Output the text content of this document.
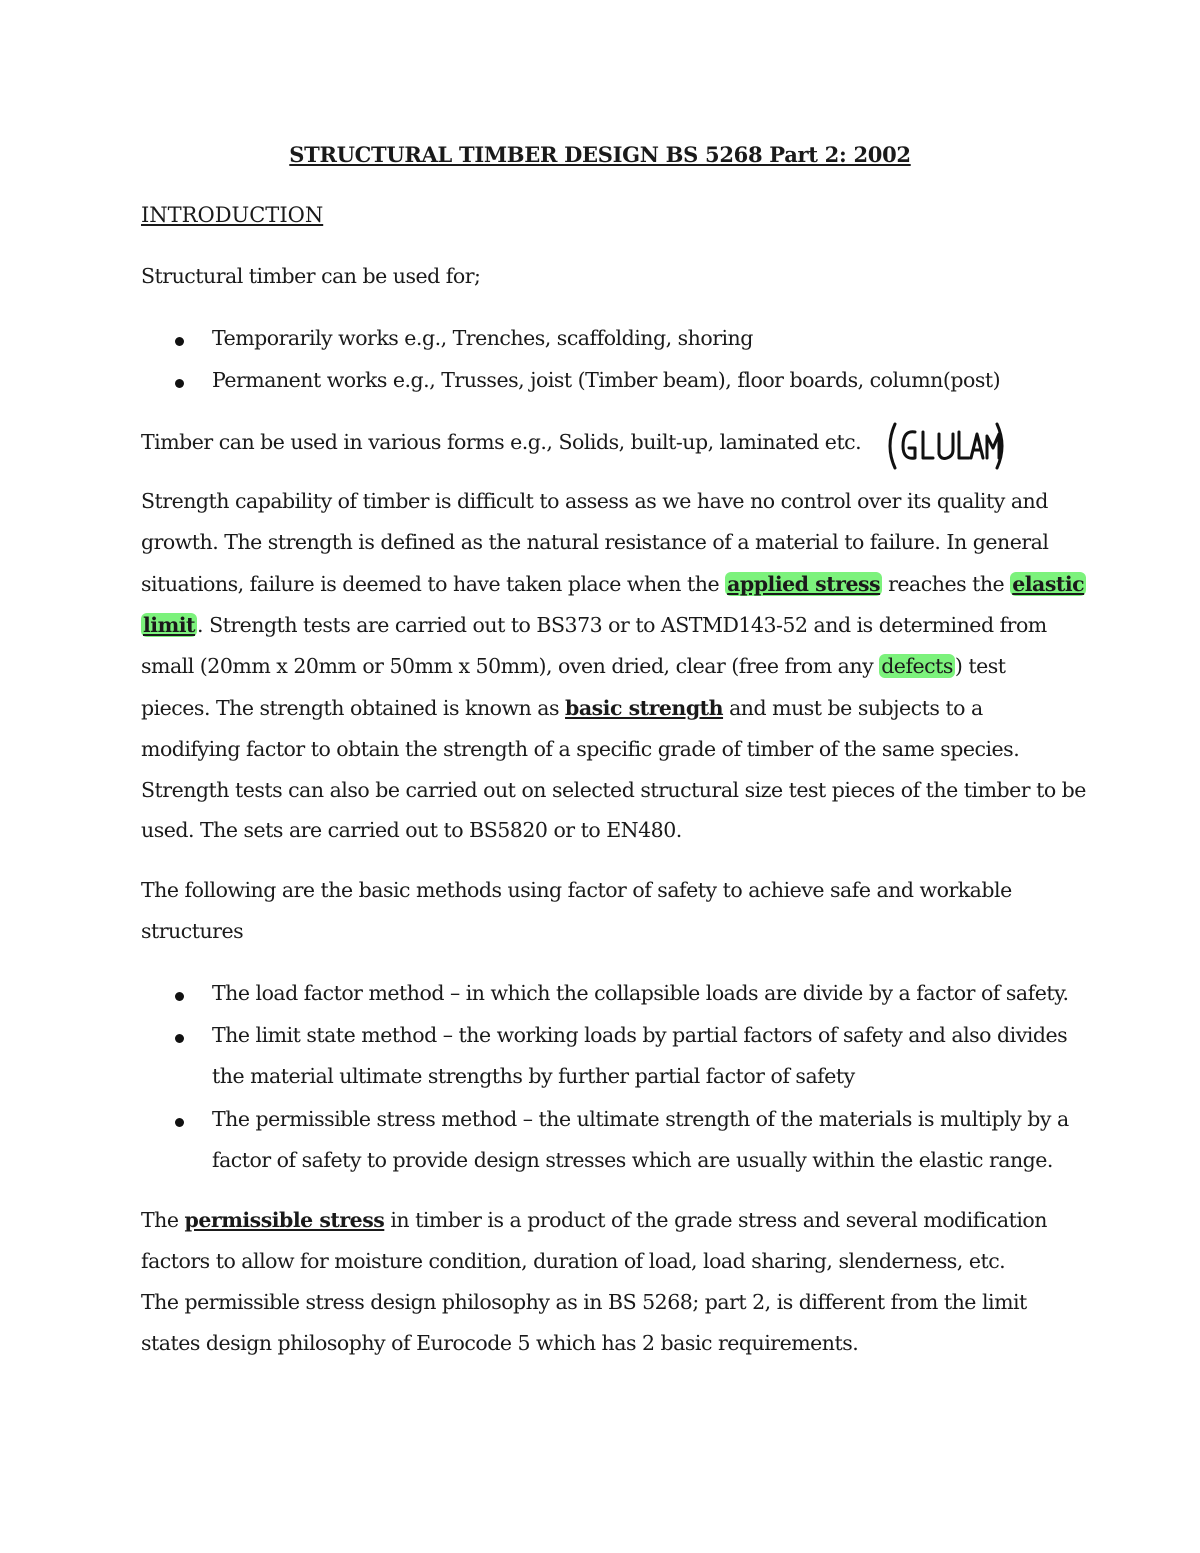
STRUCTURAL TIMBER DESIGN BS 5268 Part 2: 2002
INTRODUCTION
Structural timber can be used for;
Temporarily works e.g., Trenches, scaffolding, shoring
Permanent works e.g., Trusses, joist (Timber beam), floor boards, column(post)
Timber can be used in various forms e.g., Solids, built-up, laminated etc.
Strength capability of timber is difficult to assess as we have no control over its quality and
growth. The strength is defined as the natural resistance of a material to failure. In general
situations, failure is deemed to have taken place when the applied stress reaches the elastic
limit. Strength tests are carried out to BS373 or to ASTMD143-52 and is determined from
small (20mm x 20mm or 50mm x 50mm), oven dried, clear (free from any defects) test
pieces. The strength obtained is known as basic strength and must be subjects to a
modifying factor to obtain the strength of a specific grade of timber of the same species.
Strength tests can also be carried out on selected structural size test pieces of the timber to be
used. The sets are carried out to BS5820 or to EN480.
The following are the basic methods using factor of safety to achieve safe and workable
structures
The load factor method – in which the collapsible loads are divide by a factor of safety.
The limit state method – the working loads by partial factors of safety and also divides
the material ultimate strengths by further partial factor of safety
The permissible stress method – the ultimate strength of the materials is multiply by a
factor of safety to provide design stresses which are usually within the elastic range.
The permissible stress in timber is a product of the grade stress and several modification
factors to allow for moisture condition, duration of load, load sharing, slenderness, etc.
The permissible stress design philosophy as in BS 5268; part 2, is different from the limit
states design philosophy of Eurocode 5 which has 2 basic requirements.
